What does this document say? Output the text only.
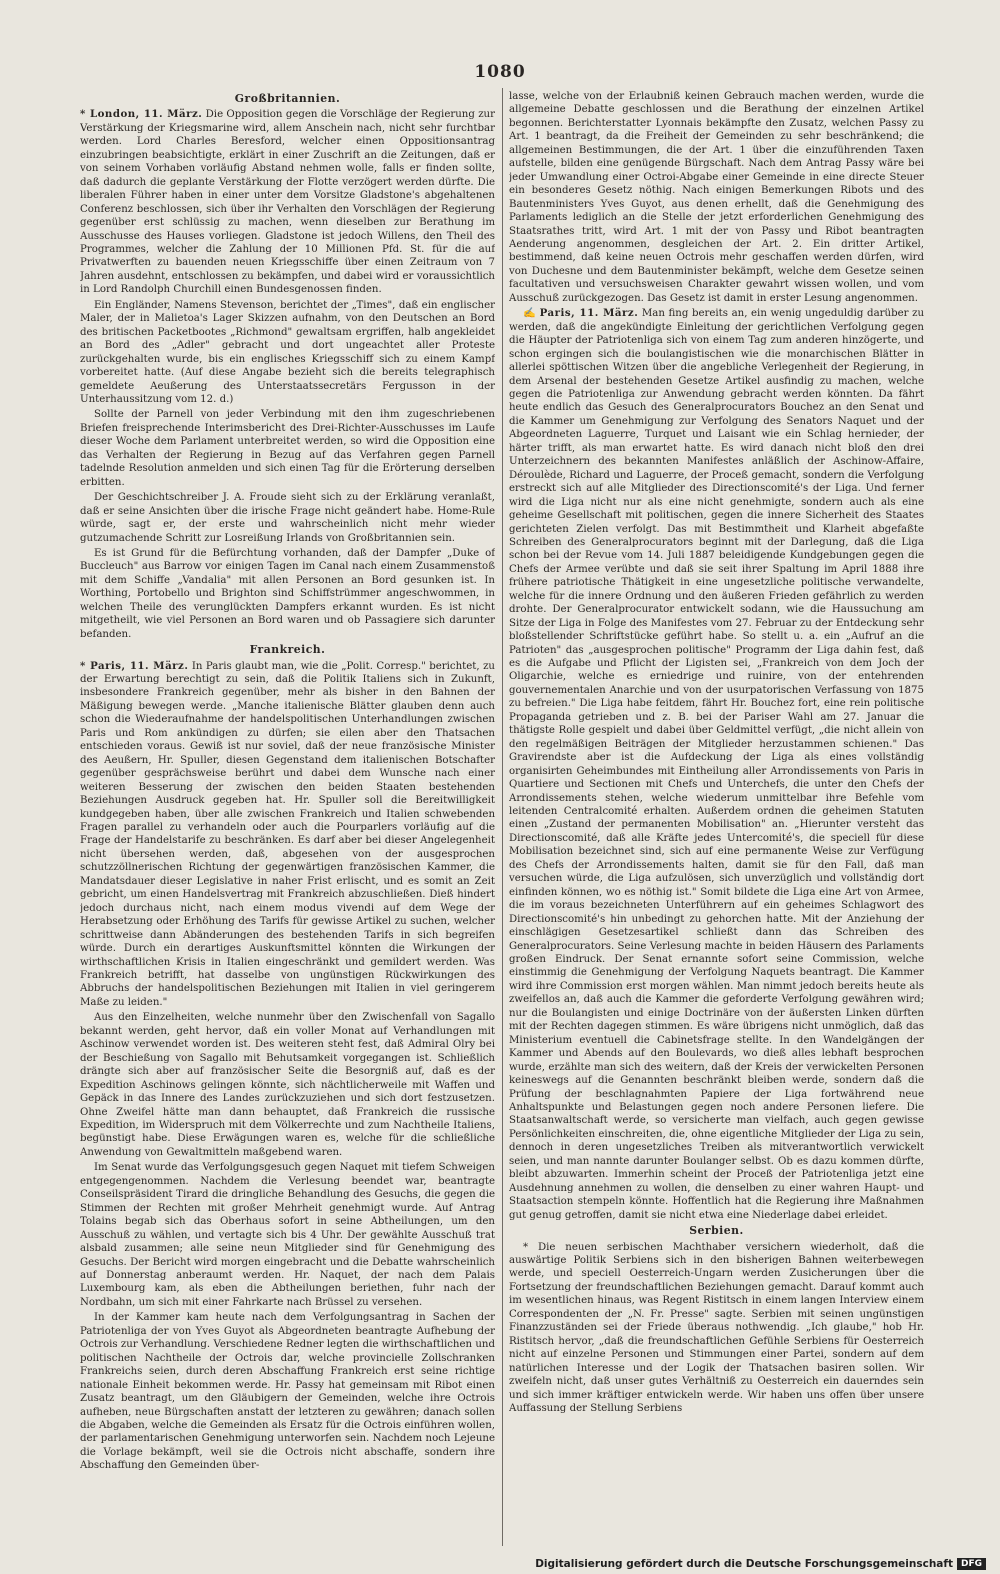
1080
Großbritannien.

* London, 11. März. Die Opposition gegen die Vorschläge der Regierung zur Verstärkung der Kriegsmarine wird, allem Anschein nach, nicht sehr furchtbar werden. Lord Charles Beresford, welcher einen Oppositionsantrag einzubringen beabsichtigte, erklärt in einer Zuschrift an die Zeitungen, daß er von seinem Vorhaben vorläufig Abstand nehmen wolle, falls er finden sollte, daß dadurch die geplante Verstärkung der Flotte verzögert werden dürfte. Die liberalen Führer haben in einer unter dem Vorsitze Gladstone's abgehaltenen Conferenz beschlossen, sich über ihr Verhalten den Vorschlägen der Regierung gegenüber erst schlüssig zu machen, wenn dieselben zur Berathung im Ausschusse des Hauses vorliegen. Gladstone ist jedoch Willens, den Theil des Programmes, welcher die Zahlung der 10 Millionen Pfd. St. für die auf Privatwerften zu bauenden neuen Kriegsschiffe über einen Zeitraum von 7 Jahren ausdehnt, entschlossen zu bekämpfen, und dabei wird er voraussichtlich in Lord Randolph Churchill einen Bundesgenossen finden.

Ein Engländer, Namens Stevenson, berichtet der „Times", daß ein englischer Maler, der in Malietoa's Lager Skizzen aufnahm, von den Deutschen an Bord des britischen Packetbootes „Richmond" gewaltsam ergriffen, halb angekleidet an Bord des „Adler" gebracht und dort ungeachtet aller Proteste zurückgehalten wurde, bis ein englisches Kriegsschiff sich zu einem Kampf vorbereitet hatte. (Auf diese Angabe bezieht sich die bereits telegraphisch gemeldete Aeußerung des Unterstaatssecretärs Fergusson in der Unterhaussitzung vom 12. d.)

Sollte der Parnell von jeder Verbindung mit den ihm zugeschriebenen Briefen freisprechende Interimsbericht des Drei-Richter-Ausschusses im Laufe dieser Woche dem Parlament unterbreitet werden, so wird die Opposition eine das Verhalten der Regierung in Bezug auf das Verfahren gegen Parnell tadelnde Resolution anmelden und sich einen Tag für die Erörterung derselben erbitten.

Der Geschichtschreiber J. A. Froude sieht sich zu der Erklärung veranlaßt, daß er seine Ansichten über die irische Frage nicht geändert habe. Home-Rule würde, sagt er, der erste und wahrscheinlich nicht mehr wieder gutzumachende Schritt zur Losreißung Irlands von Großbritannien sein.

Es ist Grund für die Befürchtung vorhanden, daß der Dampfer „Duke of Buccleuch" aus Barrow vor einigen Tagen im Canal nach einem Zusammenstoß mit dem Schiffe „Vandalia" mit allen Personen an Bord gesunken ist. In Worthing, Portobello und Brighton sind Schiffstrümmer angeschwommen, in welchen Theile des verunglückten Dampfers erkannt wurden. Es ist nicht mitgetheilt, wie viel Personen an Bord waren und ob Passagiere sich darunter befanden.

Frankreich.

* Paris, 11. März. In Paris glaubt man, wie die „Polit. Corresp." berichtet, zu der Erwartung berechtigt zu sein, daß die Politik Italiens sich in Zukunft, insbesondere Frankreich gegenüber, mehr als bisher in den Bahnen der Mäßigung bewegen werde. „Manche italienische Blätter glauben denn auch schon die Wiederaufnahme der handelspolitischen Unterhandlungen zwischen Paris und Rom ankündigen zu dürfen; sie eilen aber den Thatsachen entschieden voraus. Gewiß ist nur soviel, daß der neue französische Minister des Aeußern, Hr. Spuller, diesen Gegenstand dem italienischen Botschafter gegenüber gesprächsweise berührt und dabei dem Wunsche nach einer weiteren Besserung der zwischen den beiden Staaten bestehenden Beziehungen Ausdruck gegeben hat. Hr. Spuller soll die Bereitwilligkeit kundgegeben haben, über alle zwischen Frankreich und Italien schwebenden Fragen parallel zu verhandeln oder auch die Pourparlers vorläufig auf die Frage der Handelstarife zu beschränken. Es darf aber bei dieser Angelegenheit nicht übersehen werden, daß, abgesehen von der ausgesprochen schutzzöllnerischen Richtung der gegenwärtigen französischen Kammer, die Mandatsdauer dieser Legislative in naher Frist erlischt, und es somit an Zeit gebricht, um einen Handelsvertrag mit Frankreich abzuschließen. Dieß hindert jedoch durchaus nicht, nach einem modus vivendi auf dem Wege der Herabsetzung oder Erhöhung des Tarifs für gewisse Artikel zu suchen, welcher schrittweise dann Abänderungen des bestehenden Tarifs in sich begreifen würde. Durch ein derartiges Auskunftsmittel könnten die Wirkungen der wirthschaftlichen Krisis in Italien eingeschränkt und gemildert werden. Was Frankreich betrifft, hat dasselbe von ungünstigen Rückwirkungen des Abbruchs der handelspolitischen Beziehungen mit Italien in viel geringerem Maße zu leiden."

Aus den Einzelheiten, welche nunmehr über den Zwischenfall von Sagallo bekannt werden, geht hervor, daß ein voller Monat auf Verhandlungen mit Aschinow verwendet worden ist. Des weiteren steht fest, daß Admiral Olry bei der Beschießung von Sagallo mit Behutsamkeit vorgegangen ist. Schließlich drängte sich aber auf französischer Seite die Besorgniß auf, daß es der Expedition Aschinows gelingen könnte, sich nächtlicherweile mit Waffen und Gepäck in das Innere des Landes zurückzuziehen und sich dort festzusetzen. Ohne Zweifel hätte man dann behauptet, daß Frankreich die russische Expedition, im Widerspruch mit dem Völkerrechte und zum Nachtheile Italiens, begünstigt habe. Diese Erwägungen waren es, welche für die schließliche Anwendung von Gewaltmitteln maßgebend waren.

Im Senat wurde das Verfolgungsgesuch gegen Naquet mit tiefem Schweigen entgegengenommen. Nachdem die Verlesung beendet war, beantragte Conseilspräsident Tirard die dringliche Behandlung des Gesuchs, die gegen die Stimmen der Rechten mit großer Mehrheit genehmigt wurde. Auf Antrag Tolains begab sich das Oberhaus sofort in seine Abtheilungen, um den Ausschuß zu wählen, und vertagte sich bis 4 Uhr. Der gewählte Ausschuß trat alsbald zusammen; alle seine neun Mitglieder sind für Genehmigung des Gesuchs. Der Bericht wird morgen eingebracht und die Debatte wahrscheinlich auf Donnerstag anberaumt werden. Hr. Naquet, der nach dem Palais Luxembourg kam, als eben die Abtheilungen beriethen, fuhr nach der Nordbahn, um sich mit einer Fahrkarte nach Brüssel zu versehen.

In der Kammer kam heute nach dem Verfolgungsantrag in Sachen der Patriotenliga der von Yves Guyot als Abgeordneten beantragte Aufhebung der Octrois zur Verhandlung. Verschiedene Redner legten die wirthschaftlichen und politischen Nachtheile der Octrois dar, welche provincielle Zollschranken Frankreichs seien, durch deren Abschaffung Frankreich erst seine richtige nationale Einheit bekommen werde. Hr. Passy hat gemeinsam mit Ribot einen Zusatz beantragt, um den Gläubigern der Gemeinden, welche ihre Octrois aufheben, neue Bürgschaften anstatt der letzteren zu gewähren; danach sollen die Abgaben, welche die Gemeinden als Ersatz für die Octrois einführen wollen, der parlamentarischen Genehmigung unterworfen sein. Nachdem noch Lejeune die Vorlage bekämpft, weil sie die Octrois nicht abschaffe, sondern ihre Abschaffung den Gemeinden über-

lasse, welche von der Erlaubniß keinen Gebrauch machen werden, wurde die allgemeine Debatte geschlossen und die Berathung der einzelnen Artikel begonnen. Berichterstatter Lyonnais bekämpfte den Zusatz, welchen Passy zu Art. 1 beantragt, da die Freiheit der Gemeinden zu sehr beschränkend; die allgemeinen Bestimmungen, die der Art. 1 über die einzuführenden Taxen aufstelle, bilden eine genügende Bürgschaft. Nach dem Antrag Passy wäre bei jeder Umwandlung einer Octroi-Abgabe einer Gemeinde in eine directe Steuer ein besonderes Gesetz nöthig. Nach einigen Bemerkungen Ribots und des Bautenministers Yves Guyot, aus denen erhellt, daß die Genehmigung des Parlaments lediglich an die Stelle der jetzt erforderlichen Genehmigung des Staatsrathes tritt, wird Art. 1 mit der von Passy und Ribot beantragten Aenderung angenommen, desgleichen der Art. 2. Ein dritter Artikel, bestimmend, daß keine neuen Octrois mehr geschaffen werden dürfen, wird von Duchesne und dem Bautenminister bekämpft, welche dem Gesetze seinen facultativen und versuchsweisen Charakter gewahrt wissen wollen, und vom Ausschuß zurückgezogen. Das Gesetz ist damit in erster Lesung angenommen.

✍ Paris, 11. März. Man fing bereits an, ein wenig ungeduldig darüber zu werden, daß die angekündigte Einleitung der gerichtlichen Verfolgung gegen die Häupter der Patriotenliga sich von einem Tag zum anderen hinzögerte, und schon ergingen sich die boulangistischen wie die monarchischen Blätter in allerlei spöttischen Witzen über die angebliche Verlegenheit der Regierung, in dem Arsenal der bestehenden Gesetze Artikel ausfindig zu machen, welche gegen die Patriotenliga zur Anwendung gebracht werden könnten. Da fährt heute endlich das Gesuch des Generalprocurators Bouchez an den Senat und die Kammer um Genehmigung zur Verfolgung des Senators Naquet und der Abgeordneten Laguerre, Turquet und Laisant wie ein Schlag hernieder, der härter trifft, als man erwartet hatte. Es wird danach nicht bloß den drei Unterzeichnern des bekannten Manifestes anläßlich der Aschinow-Affaire, Déroulède, Richard und Laguerre, der Proceß gemacht, sondern die Verfolgung erstreckt sich auf alle Mitglieder des Directionscomité's der Liga. Und ferner wird die Liga nicht nur als eine nicht genehmigte, sondern auch als eine geheime Gesellschaft mit politischen, gegen die innere Sicherheit des Staates gerichteten Zielen verfolgt. Das mit Bestimmtheit und Klarheit abgefaßte Schreiben des Generalprocurators beginnt mit der Darlegung, daß die Liga schon bei der Revue vom 14. Juli 1887 beleidigende Kundgebungen gegen die Chefs der Armee verübte und daß sie seit ihrer Spaltung im April 1888 ihre frühere patriotische Thätigkeit in eine ungesetzliche politische verwandelte, welche für die innere Ordnung und den äußeren Frieden gefährlich zu werden drohte. Der Generalprocurator entwickelt sodann, wie die Haussuchung am Sitze der Liga in Folge des Manifestes vom 27. Februar zu der Entdeckung sehr bloßstellender Schriftstücke geführt habe. So stellt u. a. ein „Aufruf an die Patrioten" das „ausgesprochen politische" Programm der Liga dahin fest, daß es die Aufgabe und Pflicht der Ligisten sei, „Frankreich von dem Joch der Oligarchie, welche es erniedrige und ruinire, von der entehrenden gouvernementalen Anarchie und von der usurpatorischen Verfassung von 1875 zu befreien." Die Liga habe feitdem, fährt Hr. Bouchez fort, eine rein politische Propaganda getrieben und z. B. bei der Pariser Wahl am 27. Januar die thätigste Rolle gespielt und dabei über Geldmittel verfügt, „die nicht allein von den regelmäßigen Beiträgen der Mitglieder herzustammen schienen." Das Gravirendste aber ist die Aufdeckung der Liga als eines vollständig organisirten Geheimbundes mit Eintheilung aller Arrondissements von Paris in Quartiere und Sectionen mit Chefs und Unterchefs, die unter den Chefs der Arrondissements stehen, welche wiederum unmittelbar ihre Befehle vom leitenden Centralcomité erhalten. Außerdem ordnen die geheimen Statuten einen „Zustand der permanenten Mobilisation" an. „Hierunter versteht das Directionscomité, daß alle Kräfte jedes Untercomité's, die speciell für diese Mobilisation bezeichnet sind, sich auf eine permanente Weise zur Verfügung des Chefs der Arrondissements halten, damit sie für den Fall, daß man versuchen würde, die Liga aufzulösen, sich unverzüglich und vollständig dort einfinden können, wo es nöthig ist." Somit bildete die Liga eine Art von Armee, die im voraus bezeichneten Unterführern auf ein geheimes Schlagwort des Directionscomité's hin unbedingt zu gehorchen hatte. Mit der Anziehung der einschlägigen Gesetzesartikel schließt dann das Schreiben des Generalprocurators. Seine Verlesung machte in beiden Häusern des Parlaments großen Eindruck. Der Senat ernannte sofort seine Commission, welche einstimmig die Genehmigung der Verfolgung Naquets beantragt. Die Kammer wird ihre Commission erst morgen wählen. Man nimmt jedoch bereits heute als zweifellos an, daß auch die Kammer die geforderte Verfolgung gewähren wird; nur die Boulangisten und einige Doctrinäre von der äußersten Linken dürften mit der Rechten dagegen stimmen. Es wäre übrigens nicht unmöglich, daß das Ministerium eventuell die Cabinetsfrage stellte. In den Wandelgängen der Kammer und Abends auf den Boulevards, wo dieß alles lebhaft besprochen wurde, erzählte man sich des weitern, daß der Kreis der verwickelten Personen keineswegs auf die Genannten beschränkt bleiben werde, sondern daß die Prüfung der beschlagnahmten Papiere der Liga fortwährend neue Anhaltspunkte und Belastungen gegen noch andere Personen liefere. Die Staatsanwaltschaft werde, so versicherte man vielfach, auch gegen gewisse Persönlichkeiten einschreiten, die, ohne eigentliche Mitglieder der Liga zu sein, dennoch in deren ungesetzliches Treiben als mitverantwortlich verwickelt seien, und man nannte darunter Boulanger selbst. Ob es dazu kommen dürfte, bleibt abzuwarten. Immerhin scheint der Proceß der Patriotenliga jetzt eine Ausdehnung annehmen zu wollen, die denselben zu einer wahren Haupt- und Staatsaction stempeln könnte. Hoffentlich hat die Regierung ihre Maßnahmen gut genug getroffen, damit sie nicht etwa eine Niederlage dabei erleidet.

Serbien.

* Die neuen serbischen Machthaber versichern wiederholt, daß die auswärtige Politik Serbiens sich in den bisherigen Bahnen weiterbewegen werde, und speciell Oesterreich-Ungarn werden Zusicherungen über die Fortsetzung der freundschaftlichen Beziehungen gemacht. Darauf kommt auch im wesentlichen hinaus, was Regent Ristitsch in einem langen Interview einem Correspondenten der „N. Fr. Presse" sagte. Serbien mit seinen ungünstigen Finanzzuständen sei der Friede überaus nothwendig. „Ich glaube," hob Hr. Ristitsch hervor, „daß die freundschaftlichen Gefühle Serbiens für Oesterreich nicht auf einzelne Personen und Stimmungen einer Partei, sondern auf dem natürlichen Interesse und der Logik der Thatsachen basiren sollen. Wir zweifeln nicht, daß unser gutes Verhältniß zu Oesterreich ein dauerndes sein und sich immer kräftiger entwickeln werde. Wir haben uns offen über unsere Auffassung der Stellung Serbiens

Digitalisierung gefördert durch die Deutsche Forschungsgemeinschaft DFG
